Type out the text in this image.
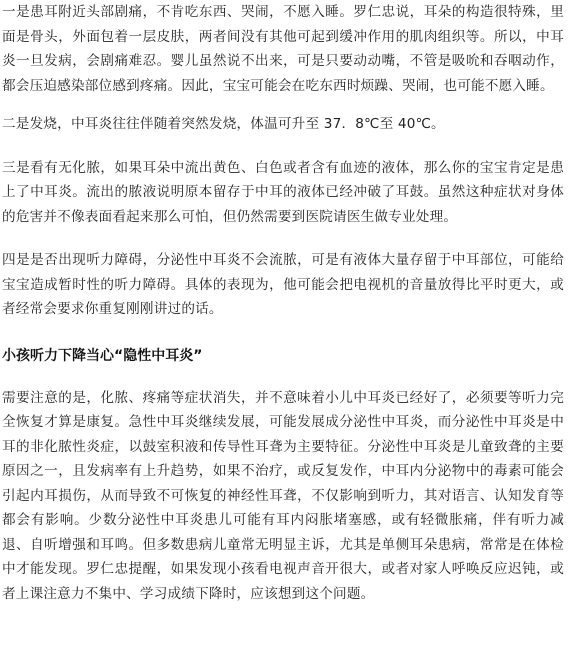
一是患耳附近头部剧痛，不肯吃东西、哭闹，不愿入睡。罗仁忠说，耳朵的构造很特殊，里面是骨头，外面包着一层皮肤，两者间没有其他可起到缓冲作用的肌肉组织等。所以，中耳炎一旦发病，会剧痛难忍。婴儿虽然说不出来，可是只要动动嘴，不管是吸吮和吞咽动作，都会压迫感染部位感到疼痛。因此，宝宝可能会在吃东西时烦躁、哭闹，也可能不愿入睡。

二是发烧，中耳炎往往伴随着突然发烧，体温可升至 37．8℃至 40℃。

三是看有无化脓，如果耳朵中流出黄色、白色或者含有血迹的液体，那么你的宝宝肯定是患上了中耳炎。流出的脓液说明原本留存于中耳的液体已经冲破了耳鼓。虽然这种症状对身体的危害并不像表面看起来那么可怕，但仍然需要到医院请医生做专业处理。

四是是否出现听力障碍，分泌性中耳炎不会流脓，可是有液体大量存留于中耳部位，可能给宝宝造成暂时性的听力障碍。具体的表现为，他可能会把电视机的音量放得比平时更大，或者经常会要求你重复刚刚讲过的话。

小孩听力下降当心“隐性中耳炎”

需要注意的是，化脓、疼痛等症状消失，并不意味着小儿中耳炎已经好了，必须要等听力完全恢复才算是康复。急性中耳炎继续发展，可能发展成分泌性中耳炎，而分泌性中耳炎是中耳的非化脓性炎症，以鼓室积液和传导性耳聋为主要特征。分泌性中耳炎是儿童致聋的主要原因之一，且发病率有上升趋势，如果不治疗，或反复发作，中耳内分泌物中的毒素可能会引起内耳损伤，从而导致不可恢复的神经性耳聋，不仅影响到听力，其对语言、认知发育等都会有影响。少数分泌性中耳炎患儿可能有耳内闷胀堵塞感，或有轻微胀痛，伴有听力减退、自听增强和耳鸣。但多数患病儿童常无明显主诉，尤其是单侧耳朵患病，常常是在体检中才能发现。罗仁忠提醒，如果发现小孩看电视声音开很大，或者对家人呼唤反应迟钝，或者上课注意力不集中、学习成绩下降时，应该想到这个问题。
